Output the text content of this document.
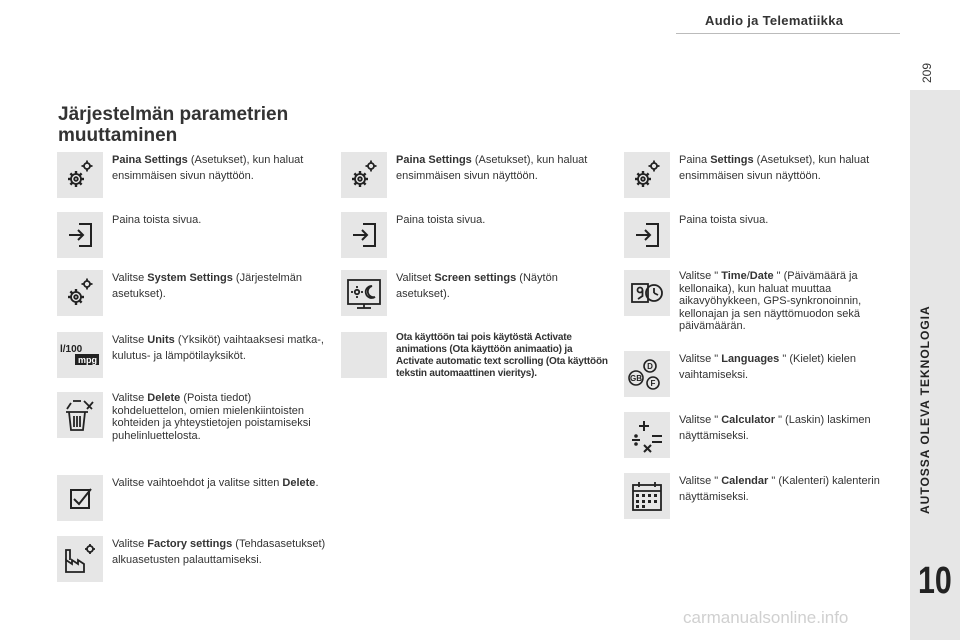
Audio ja Telematiikka
209
AUTOSSA OLEVA TEKNOLOGIA
10
Järjestelmän parametrien muuttaminen
Paina Settings (Asetukset), kun haluat ensimmäisen sivun näyttöön.
Paina toista sivua.
Valitse System Settings (Järjestelmän asetukset).
l/100
mpg
Valitse Units (Yksiköt) vaihtaaksesi matka-, kulutus- ja lämpötilayksiköt.
Valitse Delete (Poista tiedot) kohdeluettelon, omien mielenkiintoisten kohteiden ja yhteystietojen poistamiseksi puhelinluettelosta.
Valitse vaihtoehdot ja valitse sitten Delete.
Valitse Factory settings (Tehdasasetukset) alkuasetusten palauttamiseksi.
Paina Settings (Asetukset), kun haluat ensimmäisen sivun näyttöön.
Paina toista sivua.
Valitset Screen settings (Näytön asetukset).
Ota käyttöön tai pois käytöstä Activate animations (Ota käyttöön animaatio) ja Activate automatic text scrolling (Ota käyttöön tekstin automaattinen vieritys).
Paina Settings (Asetukset), kun haluat ensimmäisen sivun näyttöön.
Paina toista sivua.
Valitse " Time/Date " (Päivämäärä ja kellonaika), kun haluat muuttaa aikavyöhykkeen, GPS-synkronoinnin, kellonajan ja sen näyttömuodon sekä päivämäärän.
D
GB
F
Valitse " Languages " (Kielet) kielen vaihtamiseksi.
Valitse " Calculator " (Laskin) laskimen näyttämiseksi.
Valitse " Calendar " (Kalenteri) kalenterin näyttämiseksi.
carmanualsonline.info
